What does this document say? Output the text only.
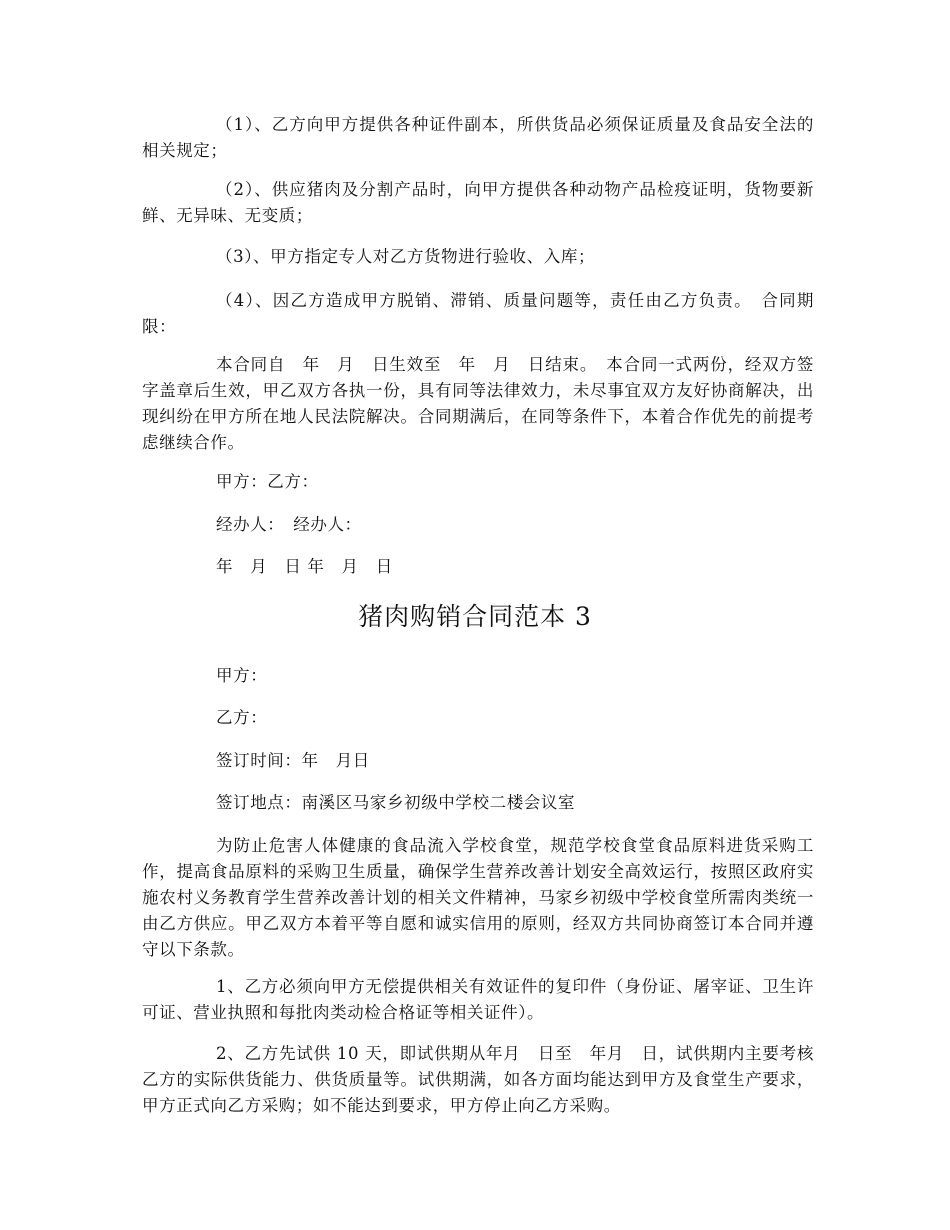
（1）、乙方向甲方提供各种证件副本，所供货品必须保证质量及食品安全法的相关规定；

（2）、供应猪肉及分割产品时，向甲方提供各种动物产品检疫证明，货物要新鲜、无异味、无变质；

（3）、甲方指定专人对乙方货物进行验收、入库；

（4）、因乙方造成甲方脱销、滞销、质量问题等，责任由乙方负责。　合同期限：

本合同自　年　月　日生效至　年　月　日结束。　本合同一式两份，经双方签字盖章后生效，甲乙双方各执一份，具有同等法律效力，未尽事宜双方友好协商解决，出现纠纷在甲方所在地人民法院解决。合同期满后，在同等条件下，本着合作优先的前提考虑继续合作。

甲方：乙方：

经办人：　经办人：

年　月　日 年　月　日

猪肉购销合同范本 3

甲方：

乙方：

签订时间：年　月日

签订地点：南溪区马家乡初级中学校二楼会议室

为防止危害人体健康的食品流入学校食堂，规范学校食堂食品原料进货采购工作，提高食品原料的采购卫生质量，确保学生营养改善计划安全高效运行，按照区政府实施农村义务教育学生营养改善计划的相关文件精神，马家乡初级中学校食堂所需肉类统一由乙方供应。甲乙双方本着平等自愿和诚实信用的原则，经双方共同协商签订本合同并遵守以下条款。

1、乙方必须向甲方无偿提供相关有效证件的复印件（身份证、屠宰证、卫生许可证、营业执照和每批肉类动检合格证等相关证件）。

2、乙方先试供 10 天，即试供期从年月　日至　年月　日，试供期内主要考核乙方的实际供货能力、供货质量等。试供期满，如各方面均能达到甲方及食堂生产要求，甲方正式向乙方采购；如不能达到要求，甲方停止向乙方采购。
